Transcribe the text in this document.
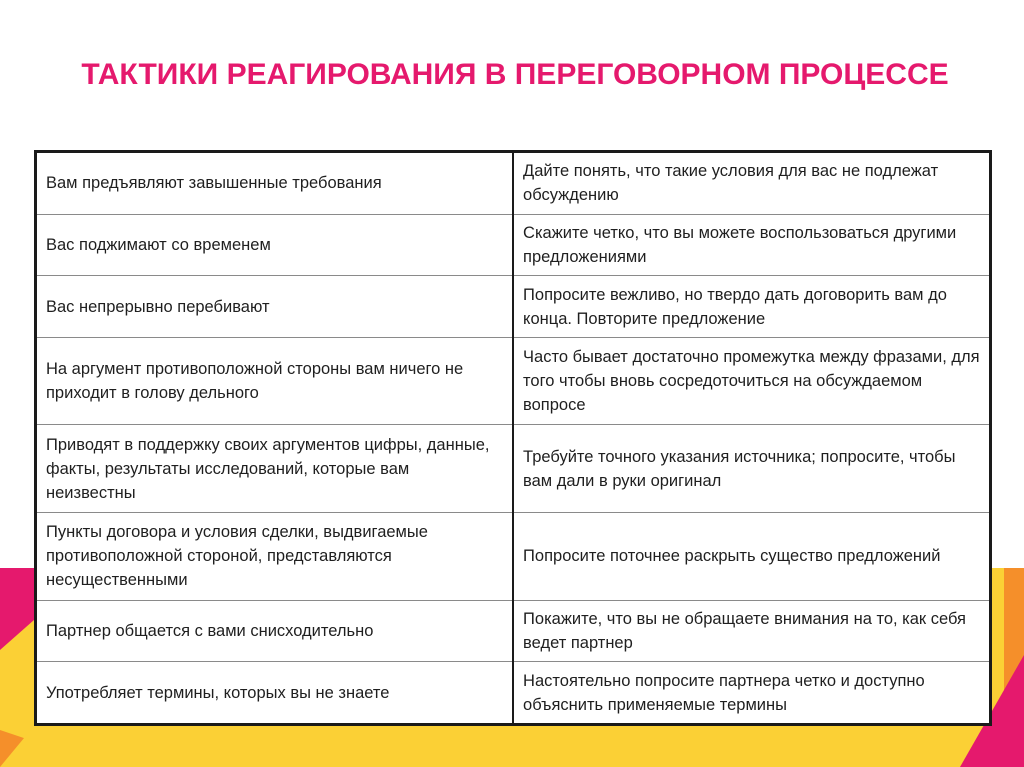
ТАКТИКИ РЕАГИРОВАНИЯ В ПЕРЕГОВОРНОМ ПРОЦЕССЕ
Вам предъявляют завышенные требования	Дайте понять, что такие условия для вас не подлежат обсуждению
Вас поджимают со временем	Скажите четко, что вы можете воспользоваться другими предложениями
Вас непрерывно перебивают	Попросите вежливо, но твердо дать договорить вам до конца. Повторите предложение
На аргумент противоположной стороны вам ничего не приходит в голову дельного	Часто бывает достаточно промежутка между фразами, для того чтобы вновь сосредоточиться на обсуждаемом вопросе
Приводят в поддержку своих аргументов цифры, данные, факты, результаты исследований, которые вам неизвестны	Требуйте точного указания источника; попросите, чтобы вам дали в руки оригинал
Пункты договора и условия сделки, выдвигаемые противоположной стороной, представляются несущественными	Попросите поточнее раскрыть существо предложений
Партнер общается с вами снисходительно	Покажите, что вы не обращаете внимания на то, как себя ведет партнер
Употребляет термины, которых вы не знаете	Настоятельно попросите партнера четко и доступно объяснить применяемые термины
